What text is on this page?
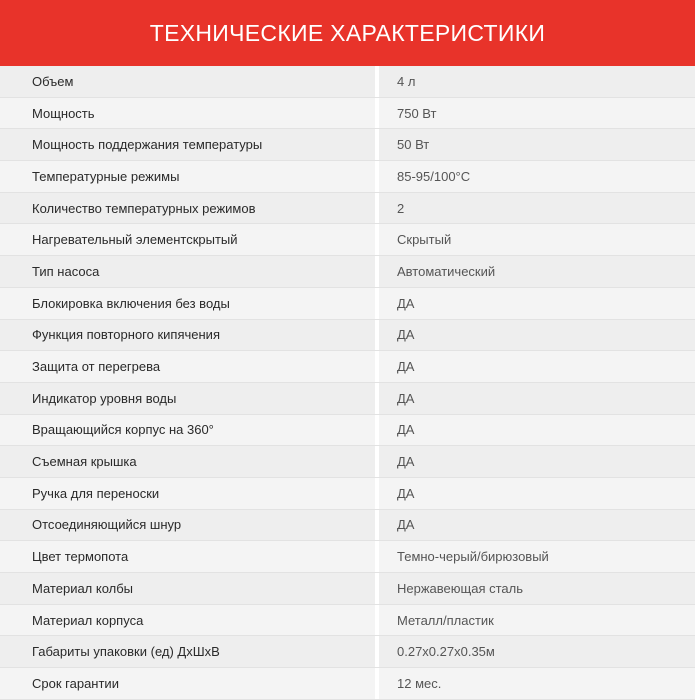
ТЕХНИЧЕСКИЕ ХАРАКТЕРИСТИКИ
Объем	4 л
Мощность	750 Вт
Мощность поддержания температуры	50 Вт
Температурные режимы	85-95/100°С
Количество температурных режимов	2
Нагревательный элементскрытый	Скрытый
Тип насоса	Автоматический
Блокировка включения без воды	ДА
Функция повторного кипячения	ДА
Защита от перегрева	ДА
Индикатор уровня воды	ДА
Вращающийся корпус на 360°	ДА
Съемная крышка	ДА
Ручка для переноски	ДА
Отсоединяющийся шнур	ДА
Цвет термопота	Темно-черый/бирюзовый
Материал колбы	Нержавеющая сталь
Материал корпуса	Металл/пластик
Габариты упаковки (ед) ДхШхВ	0.27x0.27x0.35м
Срок гарантии	12 мес.
